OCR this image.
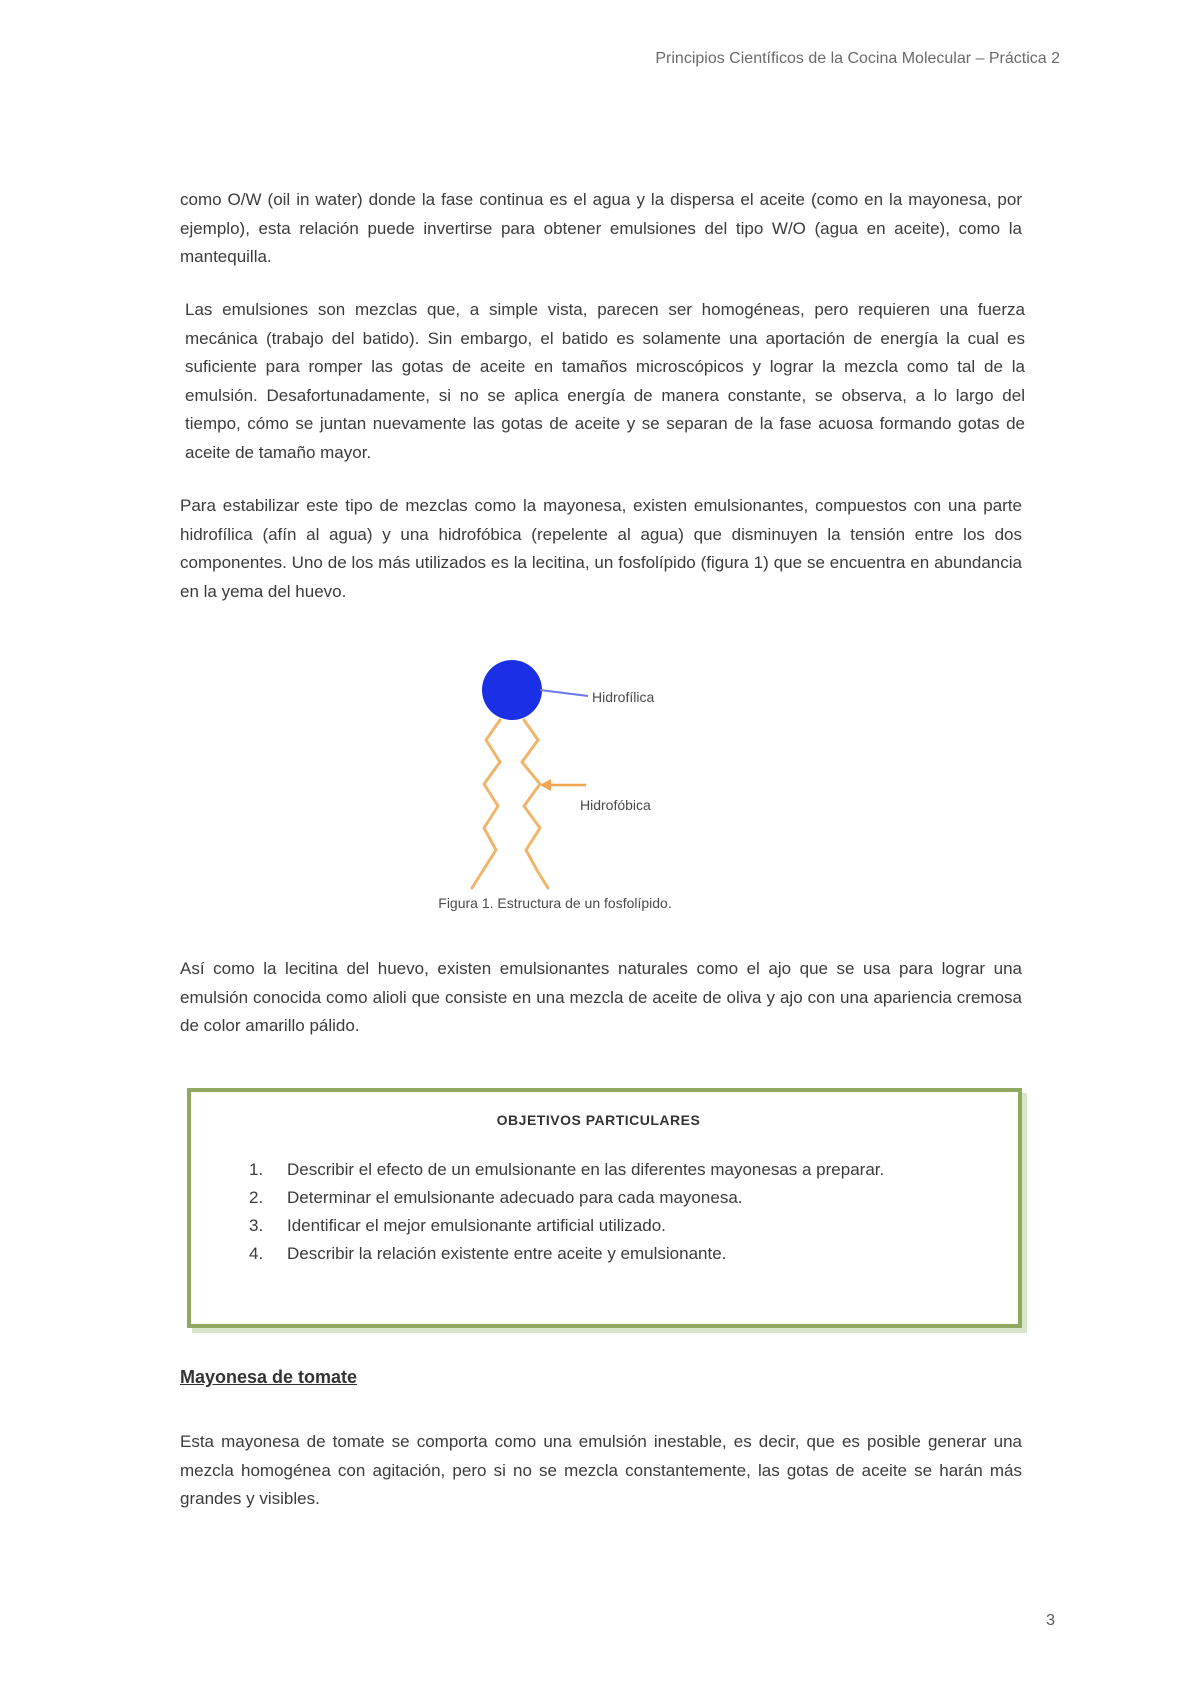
Principios Científicos de la Cocina Molecular – Práctica 2

como O/W (oil in water) donde la fase continua es el agua y la dispersa el aceite (como en la mayonesa, por ejemplo), esta relación puede invertirse para obtener emulsiones del tipo W/O (agua en aceite), como la mantequilla.

Las emulsiones son mezclas que, a simple vista, parecen ser homogéneas, pero requieren una fuerza mecánica (trabajo del batido). Sin embargo, el batido es solamente una aportación de energía la cual es suficiente para romper las gotas de aceite en tamaños microscópicos y lograr la mezcla como tal de la emulsión. Desafortunadamente, si no se aplica energía de manera constante, se observa, a lo largo del tiempo, cómo se juntan nuevamente las gotas de aceite y se separan de la fase acuosa formando gotas de aceite de tamaño mayor.

Para estabilizar este tipo de mezclas como la mayonesa, existen emulsionantes, compuestos con una parte hidrofílica (afín al agua) y una hidrofóbica (repelente al agua) que disminuyen la tensión entre los dos componentes. Uno de los más utilizados es la lecitina, un fosfolípido (figura 1) que se encuentra en abundancia en la yema del huevo.

Hidrofílica
Hidrofóbica
Figura 1. Estructura de un fosfolípido.

Así como la lecitina del huevo, existen emulsionantes naturales como el ajo que se usa para lograr una emulsión conocida como alioli que consiste en una mezcla de aceite de oliva y ajo con una apariencia cremosa de color amarillo pálido.

OBJETIVOS PARTICULARES
1.	Describir el efecto de un emulsionante en las diferentes mayonesas a preparar.
2.	Determinar el emulsionante adecuado para cada mayonesa.
3.	Identificar el mejor emulsionante artificial utilizado.
4.	Describir la relación existente entre aceite y emulsionante.
Mayonesa de tomate

Esta mayonesa de tomate se comporta como una emulsión inestable, es decir, que es posible generar una mezcla homogénea con agitación, pero si no se mezcla constantemente, las gotas de aceite se harán más grandes y visibles.

3
